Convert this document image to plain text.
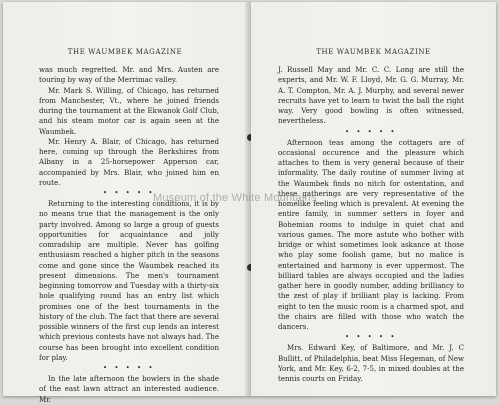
THE WAUMBEK MAGAZINE

was much regretted. Mr. and Mrs. Austen are touring by way of the Merrimac valley.

Mr. Mark S. Willing, of Chicago, has returned from Manchester, Vt., where he joined friends during the tournament at the Ekwanok Golf Club, and his steam motor car is again seen at the Waumbek.

Mr. Henry A. Blair, of Chicago, has returned here, coming up through the Berkshires from Albany in a 25-horsepower Apperson car, accompanied by Mrs. Blair, who joined him en route.

• • • • •

Returning to the interesting conditions, it is by no means true that the management is the only party involved. Among so large a group of guests opportunities for acquaintance and jolly comradship are multiple. Never has golfing enthusiasm reached a higher pitch in the seasons come and gone since the Waumbek reached its present dimensions. The men's tournament beginning tomorrow and Tuesday with a thirty-six hole qualifying round has an entry list which promises one of the best tournaments in the history of the club. The fact that there are several possible winners of the first cup lends an interest which previous contests have not always had. The course has been brought into excellent condition for play.

• • • • •

In the late afternoon the bowlers in the shade of the east lawn attract an interested audience. Mr.

THE WAUMBEK MAGAZINE

J. Russell May and Mr. C. C. Long are still the experts, and Mr. W. F. Lloyd, Mr. G. G. Murray, Mr. A. T. Compton, Mr. A. J. Murphy, and several newer recruits have yet to learn to twist the ball the right way. Very good bowling is often witnessed, nevertheless.

• • • • •

Afternoon teas among the cottagers are of occasional occurence and the pleasure which attaches to them is very general because of their informality. The daily routine of summer living at the Waumbek finds no nitch for ostentation, and these gatherings are very representative of the homelike feeling which is prevalent. At evening the entire family, in summer setters in foyer and Bohemian rooms to indulge in quiet chat and various games. The more astute who bother with bridge or whist sometimes look askance at those who play some foolish game, but no malice is entertained and harmony is ever uppermost. The billiard tables are always occupied and the ladies gather here in goodly number, adding brilliancy to the zest of play if brilliant play is lacking. From eight to ten the music room is a charmed spot, and the chairs are filled with those who watch the dancers.

• • • • •

Mrs. Edward Key, of Baltimore, and Mr. J. C Bullitt, of Philadelphia, beat Miss Hegeman, of New York, and Mr. Key, 6-2, 7-5, in mixed doubles at the tennis courts on Friday.

Museum of the White Mountains
